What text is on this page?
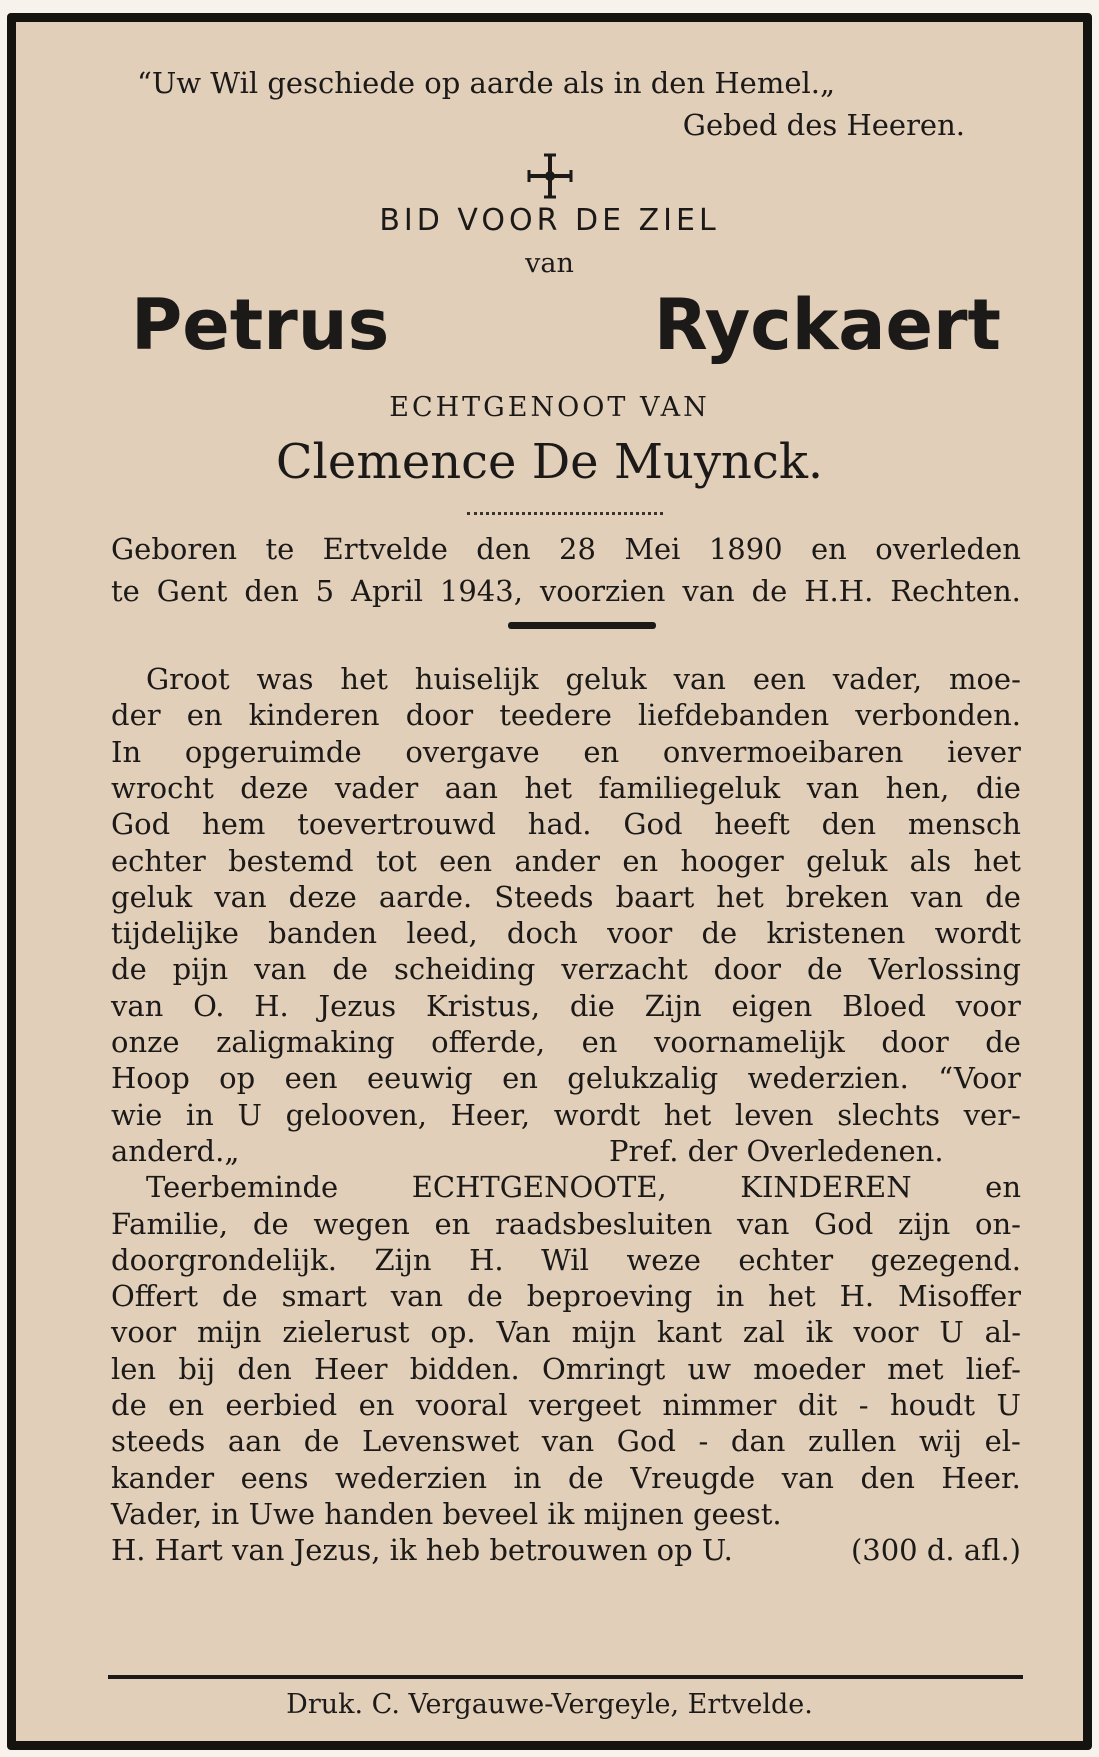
“Uw Wil geschiede op aarde als in den Hemel.„
Gebed des Heeren.
BID VOOR DE ZIEL
van
Petrus	Ryckaert
ECHTGENOOT VAN
Clemence De Muynck.
Geboren te Ertvelde den 28 Mei 1890 en overleden
te Gent den 5 April 1943, voorzien van de H.H. Rechten.
Groot was het huiselijk geluk van een vader, moe-
der en kinderen door teedere liefdebanden verbonden.
In opgeruimde overgave en onvermoeibaren iever
wrocht deze vader aan het familiegeluk van hen, die
God hem toevertrouwd had. God heeft den mensch
echter bestemd tot een ander en hooger geluk als het
geluk van deze aarde. Steeds baart het breken van de
tijdelijke banden leed, doch voor de kristenen wordt
de pijn van de scheiding verzacht door de Verlossing
van O. H. Jezus Kristus, die Zijn eigen Bloed voor
onze zaligmaking offerde, en voornamelijk door de
Hoop op een eeuwig en gelukzalig wederzien. “Voor
wie in U gelooven, Heer, wordt het leven slechts ver-
anderd.„	Pref. der Overledenen.
Teerbeminde	ECHTGENOOTE,	KINDEREN	en
Familie, de wegen en raadsbesluiten van God zijn on-
doorgrondelijk. Zijn H. Wil weze echter gezegend.
Offert de smart van de beproeving in het H. Misoffer
voor mijn zielerust op. Van mijn kant zal ik voor U al-
len bij den Heer bidden. Omringt uw moeder met lief-
de en eerbied en vooral vergeet nimmer dit - houdt U
steeds aan de Levenswet van God - dan zullen wij el-
kander eens wederzien in de Vreugde van den Heer.
Vader, in Uwe handen beveel ik mijnen geest.
H. Hart van Jezus, ik heb betrouwen op U.	(300 d. afl.)
Druk. C. Vergauwe-Vergeyle, Ertvelde.
